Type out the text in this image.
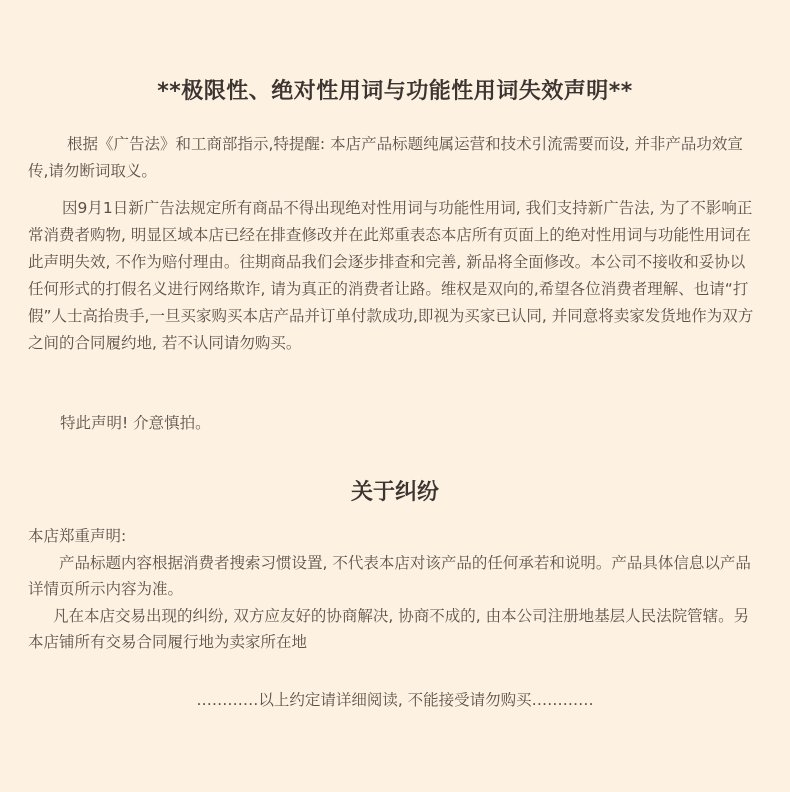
**极限性、绝对性用词与功能性用词失效声明**

根据《广告法》和工商部指示,特提醒: 本店产品标题纯属运营和技术引流需要而设, 并非产品功效宣传,请勿断词取义。

因9月1日新广告法规定所有商品不得出现绝对性用词与功能性用词, 我们支持新广告法, 为了不影响正常消费者购物, 明显区域本店已经在排查修改并在此郑重表态本店所有页面上的绝对性用词与功能性用词在此声明失效, 不作为赔付理由。往期商品我们会逐步排查和完善, 新品将全面修改。本公司不接收和妥协以任何形式的打假名义进行网络欺诈, 请为真正的消费者让路。维权是双向的,希望各位消费者理解、也请“打假”人士高抬贵手,一旦买家购买本店产品并订单付款成功,即视为买家已认同, 并同意将卖家发货地作为双方之间的合同履约地, 若不认同请勿购买。

特此声明! 介意慎拍。

关于纠纷

本店郑重声明:

产品标题内容根据消费者搜索习惯设置, 不代表本店对该产品的任何承若和说明。产品具体信息以产品详情页所示内容为准。

凡在本店交易出现的纠纷, 双方应友好的协商解决, 协商不成的, 由本公司注册地基层人民法院管辖。另本店铺所有交易合同履行地为卖家所在地

…………以上约定请详细阅读, 不能接受请勿购买…………
